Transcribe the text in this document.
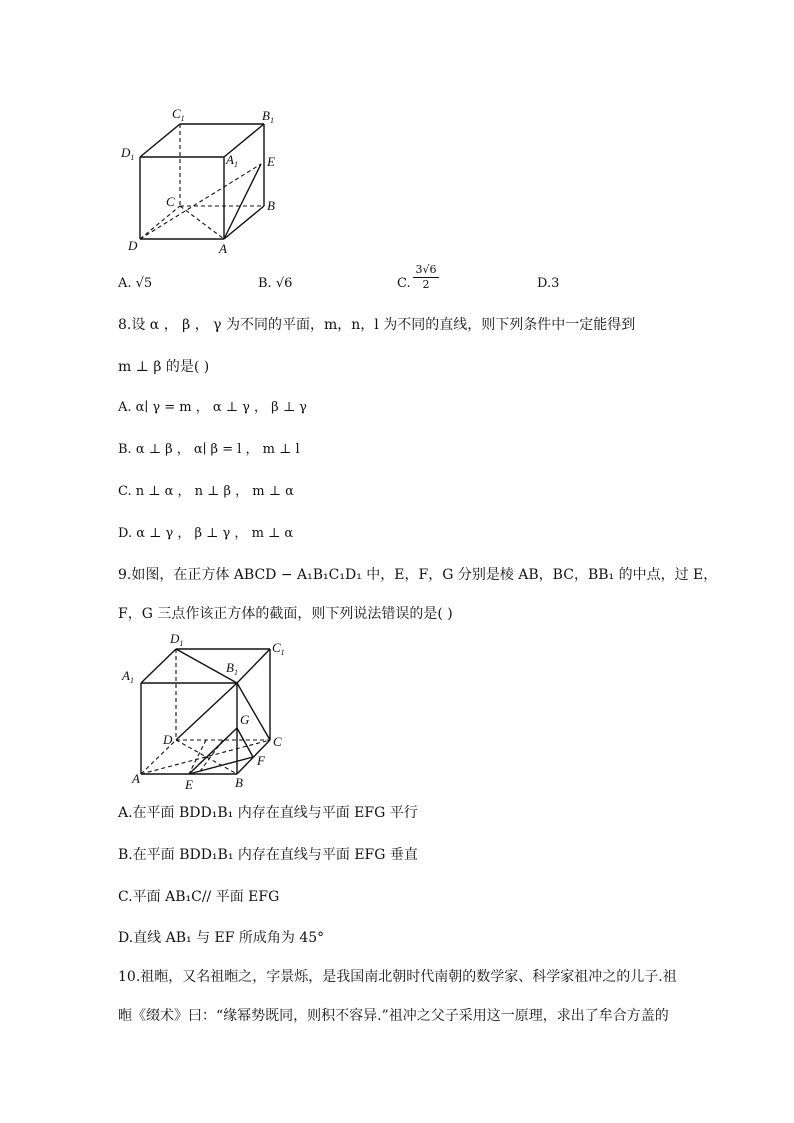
$C_1$	$B_1$
$D_1$	$A_1$ E
C	B
D	A
A. √5	B. √6	C. $\frac{3√6}{2}$	D.3
8.设 α ， β ， γ 为不同的平面，m，n，l 为不同的直线，则下列条件中一定能得到
m ⊥ β 的是( )
A. α∣ γ = m ， α ⊥ γ ， β ⊥ γ
B. α ⊥ β ， α∣ β = l ， m ⊥ l
C. n ⊥ α ， n ⊥ β ， m ⊥ α
D. α ⊥ γ ， β ⊥ γ ， m ⊥ α
9.如图，在正方体 ABCD − A₁B₁C₁D₁ 中，E，F，G 分别是棱 AB，BC，BB₁ 的中点，过 E，
F，G 三点作该正方体的截面，则下列说法错误的是( )
$D_1$	$C_1$
$A_1$
$B_1$
G
D	C
F
A	E	B
A.在平面 BDD₁B₁ 内存在直线与平面 EFG 平行
B.在平面 BDD₁B₁ 内存在直线与平面 EFG 垂直
C.平面 AB₁C// 平面 EFG
D.直线 AB₁ 与 EF 所成角为 45°
10.祖暅，又名祖暅之，字景烁，是我国南北朝时代南朝的数学家、科学家祖冲之的儿子.祖
暅《缀术》曰：“缘幂势既同，则积不容异.”祖冲之父子采用这一原理，求出了牟合方盖的
